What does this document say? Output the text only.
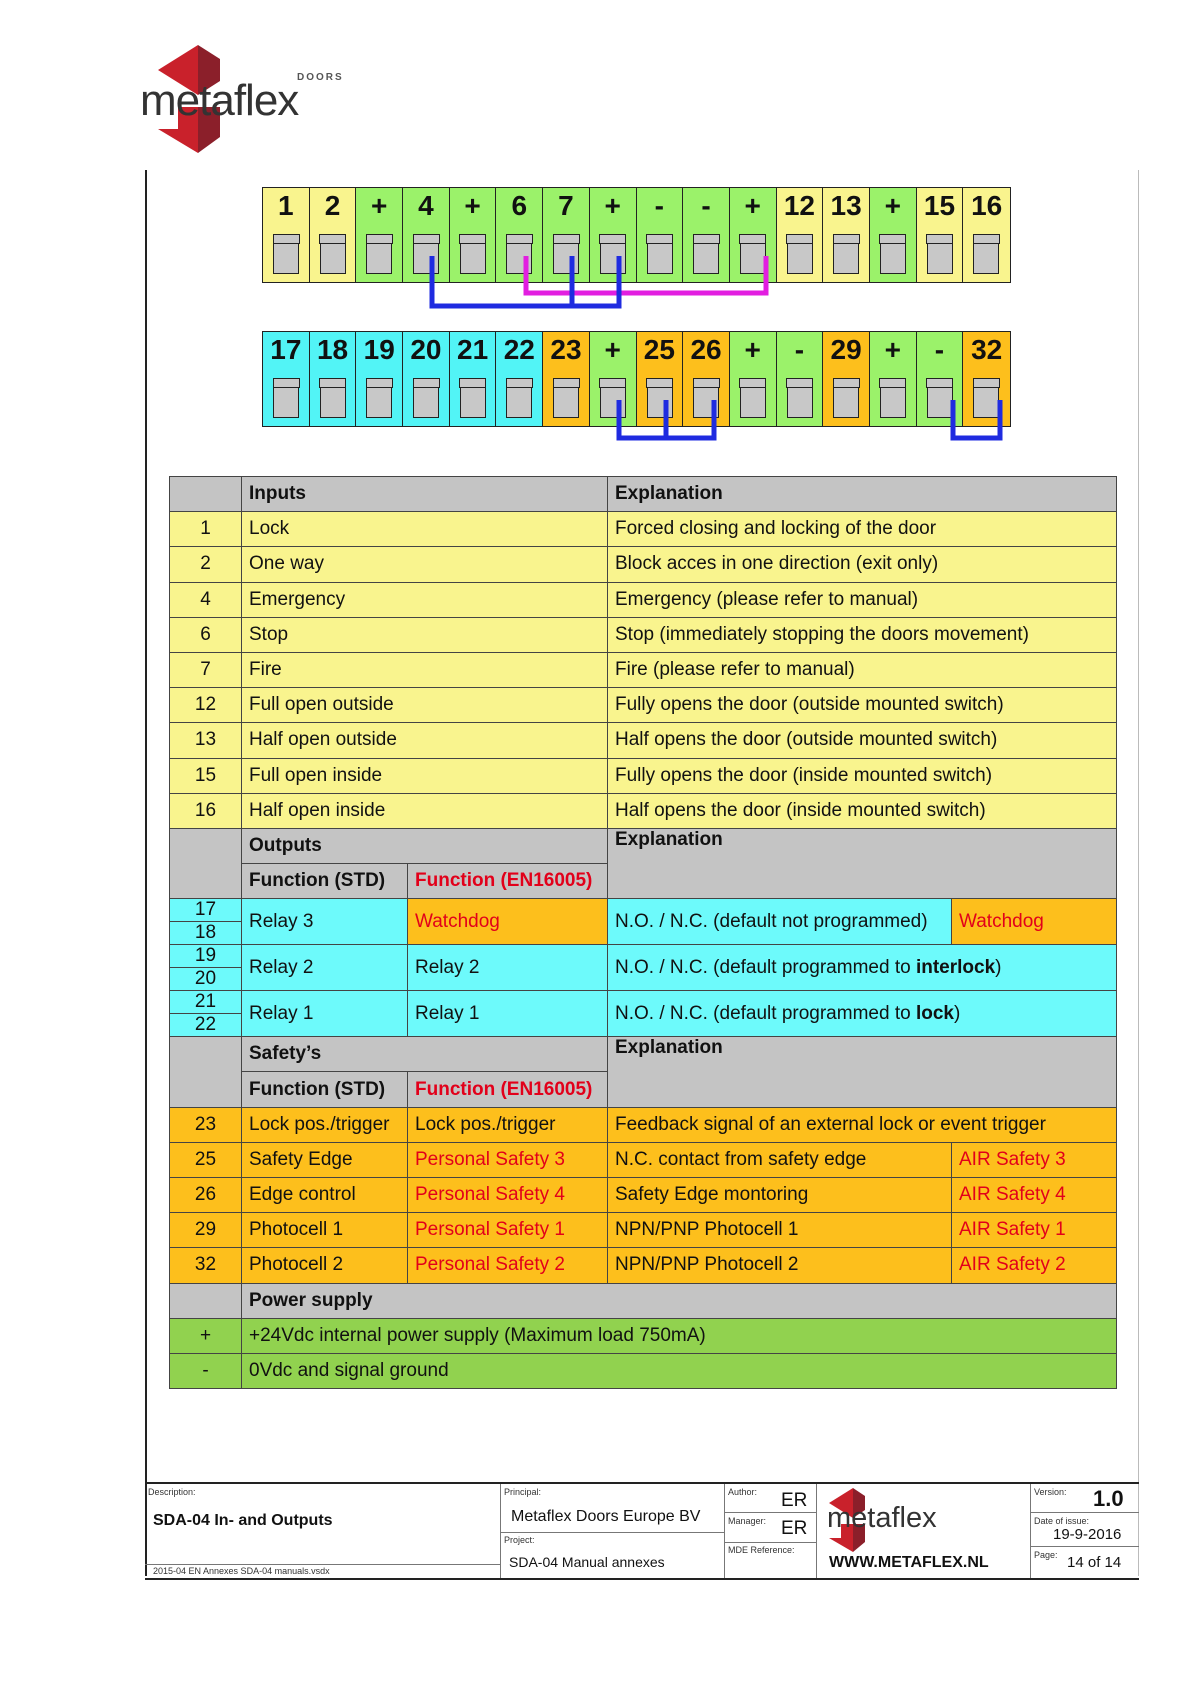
metaflex
DOORS
1	2	+	4	+	6	7	+	-	-	+ 12 13 + 15 16
17 18 19 20 21 22 23 + 25 26 +	- 29 +	- 32
	Inputs		Explanation	
1	Lock		Forced closing and locking of the door	
2	One way		Block acces in one direction (exit only)	
4	Emergency		Emergency (please refer to manual)	
6	Stop		Stop (immediately stopping the doors movement)	
7	Fire		Fire (please refer to manual)	
12	Full open outside		Fully opens the door (outside mounted switch)	
13	Half open outside		Half opens the door (outside mounted switch)	
15	Full open inside		Fully opens the door (inside mounted switch)	
16	Half open inside		Half opens the door (inside mounted switch)	
	Outputs		Explanation	
	Function (STD)	Function (EN16005)		

17
18	Relay 3	Watchdog	N.O. / N.C. (default not programmed)	Watchdog

19
20	Relay 2	Relay 2	N.O. / N.C. (default programmed to interlock)	

21
22	Relay 1	Relay 1	N.O. / N.C. (default programmed to lock)	
	Safety’s		Explanation	
	Function (STD)	Function (EN16005)		
23	Lock pos./trigger	Lock pos./trigger	Feedback signal of an external lock or event trigger	
25	Safety Edge	Personal Safety 3	N.C. contact from safety edge	AIR Safety 3
26	Edge control	Personal Safety 4	Safety Edge montoring	AIR Safety 4
29	Photocell 1	Personal Safety 1	NPN/PNP Photocell 1	AIR Safety 1
32	Photocell 2	Personal Safety 2	NPN/PNP Photocell 2	AIR Safety 2
	Power supply			
+	+24Vdc internal power supply (Maximum load 750mA)			
-	0Vdc and signal ground			
Description:
SDA-04 In- and Outputs
2015-04 EN Annexes SDA-04 manuals.vsdx
Principal:
Metaflex Doors Europe BV
Project:
SDA-04 Manual annexes
Author: ER
Manager: ER
MDE Reference:
metaflex
WWW.METAFLEX.NL
Version: 1.0
Date of issue:
19-9-2016
Page: 14 of 14
